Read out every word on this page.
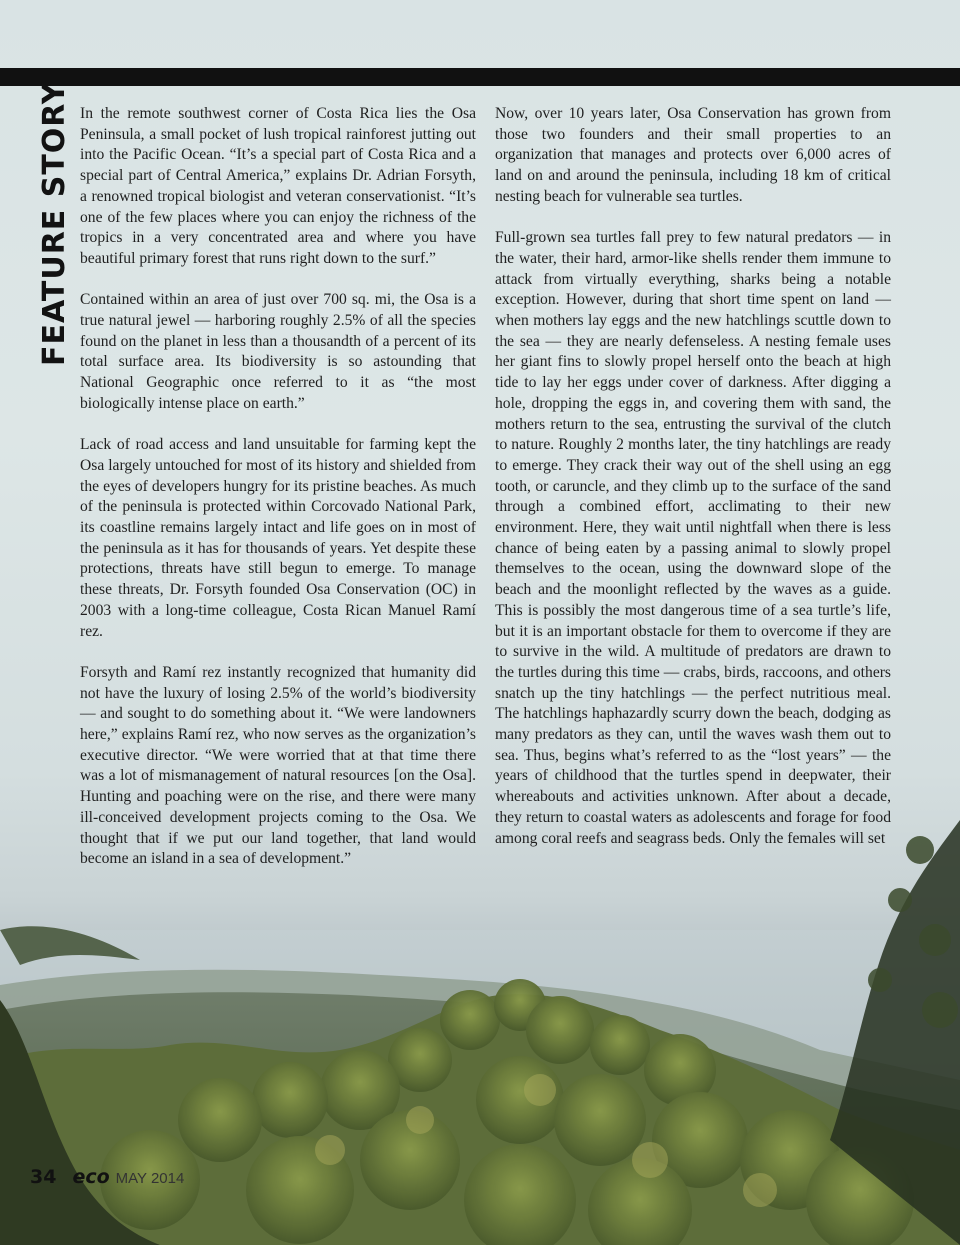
FEATURE STORY In the remote southwest corner of Costa Rica lies the Osa Peninsula, a small pocket of lush tropical rainforest jutting out into the Pacific Ocean. “It’s a special part of Costa Rica and a special part of Central America,” explains Dr. Adrian Forsyth, a renowned tropical biologist and veteran conservationist. “It’s one of the few places where you can enjoy the richness of the tropics in a very concentrated area and where you have beautiful primary forest that runs right down to the surf.”

Contained within an area of just over 700 sq. mi, the Osa is a true natural jewel — harboring roughly 2.5% of all the species found on the planet in less than a thousandth of a percent of its total surface area. Its biodiversity is so astounding that National Geographic once referred to it as “the most biologically intense place on earth.”

Lack of road access and land unsuitable for farming kept the Osa largely untouched for most of its history and shielded from the eyes of developers hungry for its pristine beaches. As much of the peninsula is protected within Corcovado National Park, its coastline remains largely intact and life goes on in most of the peninsula as it has for thousands of years. Yet despite these protections, threats have still begun to emerge. To manage these threats, Dr. Forsyth founded Osa Conservation (OC) in 2003 with a long-time colleague, Costa Rican Manuel Ramí rez.

Forsyth and Ramí rez instantly recognized that humanity did not have the luxury of losing 2.5% of the world’s biodiversity — and sought to do something about it. “We were landowners here,” explains Ramí rez, who now serves as the organization’s executive director. “We were worried that at that time there was a lot of mismanagement of natural resources [on the Osa]. Hunting and poaching were on the rise, and there were many ill-conceived development projects coming to the Osa. We thought that if we put our land together, that land would become an island in a sea of development.”

Now, over 10 years later, Osa Conservation has grown from those two founders and their small properties to an organization that manages and protects over 6,000 acres of land on and around the peninsula, including 18 km of critical nesting beach for vulnerable sea turtles.

Full-grown sea turtles fall prey to few natural predators — in the water, their hard, armor-like shells render them immune to attack from virtually everything, sharks being a notable exception. However, during that short time spent on land — when mothers lay eggs and the new hatchlings scuttle down to the sea — they are nearly defenseless. A nesting female uses her giant fins to slowly propel herself onto the beach at high tide to lay her eggs under cover of darkness. After digging a hole, dropping the eggs in, and covering them with sand, the mothers return to the sea, entrusting the survival of the clutch to nature. Roughly 2 months later, the tiny hatchlings are ready to emerge. They crack their way out of the shell using an egg tooth, or caruncle, and they climb up to the surface of the sand through a combined effort, acclimating to their new environment. Here, they wait until nightfall when there is less chance of being eaten by a passing animal to slowly propel themselves to the ocean, using the downward slope of the beach and the moonlight reflected by the waves as a guide. This is possibly the most dangerous time of a sea turtle’s life, but it is an important obstacle for them to overcome if they are to survive in the wild. A multitude of predators are drawn to the turtles during this time — crabs, birds, raccoons, and others snatch up the tiny hatchlings — the perfect nutritious meal. The hatchlings haphazardly scurry down the beach, dodging as many predators as they can, until the waves wash them out to sea. Thus, begins what’s referred to as the “lost years” — the years of childhood that the turtles spend in deepwater, their whereabouts and activities unknown. After about a decade, they return to coastal waters as adolescents and forage for food among coral reefs and seagrass beds. Only the females will set

34 eco MAY 2014
